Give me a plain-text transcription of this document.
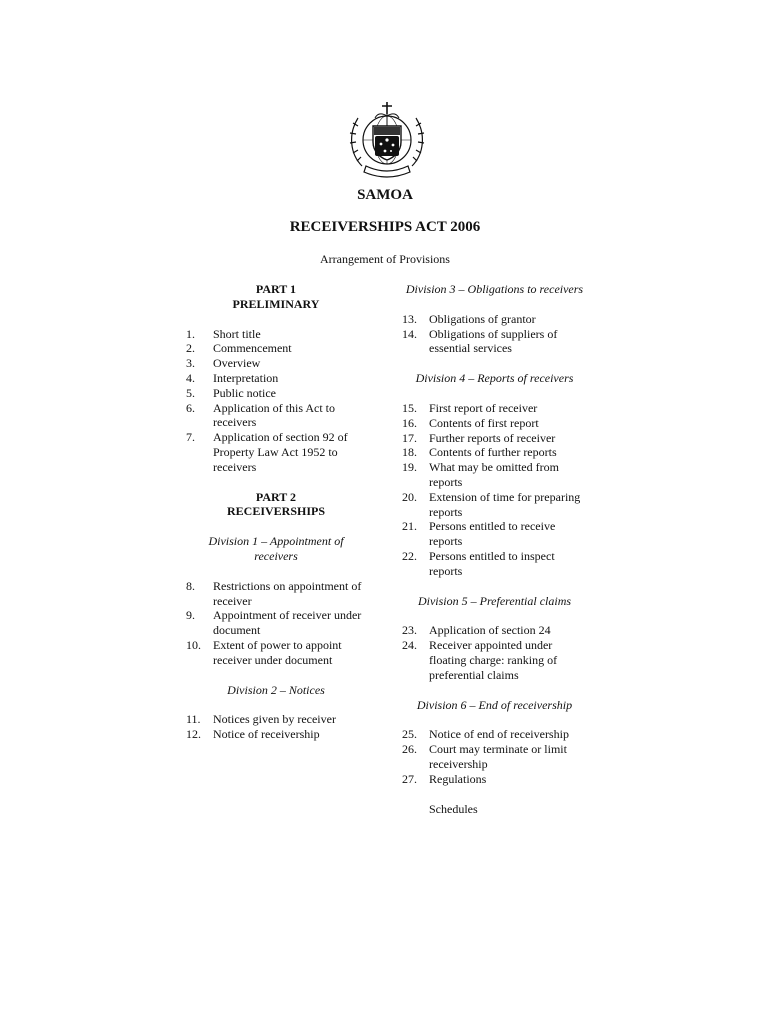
SAMOA
RECEIVERSHIPS ACT 2006
Arrangement of Provisions
PART 1
PRELIMINARY
1.	Short title
2.	Commencement
3.	Overview
4.	Interpretation
5.	Public notice
6.	Application of this Act to receivers
7.	Application of section 92 of Property Law Act 1952 to receivers
PART 2
RECEIVERSHIPS
Division 1 – Appointment of receivers
8.	Restrictions on appointment of receiver
9.	Appointment of receiver under document
10.	Extent of power to appoint receiver under document
Division 2 – Notices
11.	Notices given by receiver
12.	Notice of receivership
Division 3 – Obligations to receivers
13.	Obligations of grantor
14.	Obligations of suppliers of essential services
Division 4 – Reports of receivers
15.	First report of receiver
16.	Contents of first report
17.	Further reports of receiver
18.	Contents of further reports
19.	What may be omitted from reports
20.	Extension of time for preparing reports
21.	Persons entitled to receive reports
22.	Persons entitled to inspect reports
Division 5 – Preferential claims
23.	Application of section 24
24.	Receiver appointed under floating charge: ranking of preferential claims
Division 6 – End of receivership
25.	Notice of end of receivership
26.	Court may terminate or limit receivership
27.	Regulations
Schedules
